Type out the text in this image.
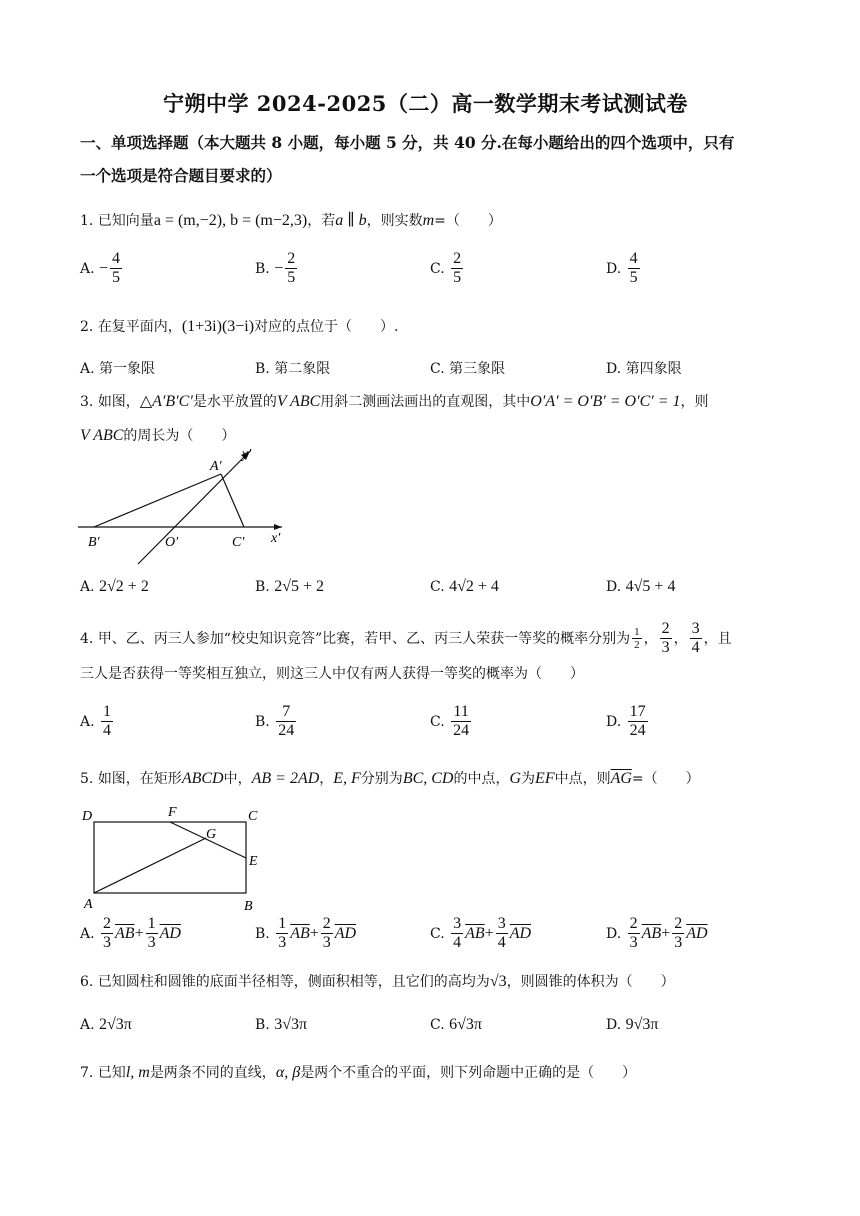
宁朔中学 2024-2025（二）高一数学期末考试测试卷
一、单项选择题（本大题共 8 小题，每小题 5 分，共 40 分.在每小题给出的四个选项中，只有
一个选项是符合题目要求的）
1. 已知向量a = (m,−2), b = (m−2,3)，若a ∥ b，则实数m=（　　）
A. − $\frac{4}{5}$	B. − $\frac{2}{5}$	C. $\frac{2}{5}$	D. $\frac{4}{5}$
2. 在复平面内，(1+3i)(3−i)对应的点位于（　　）.
A. 第一象限	B. 第二象限	C. 第三象限	D. 第四象限
3. 如图，△A′B′C′是水平放置的V ABC用斜二测画法画出的直观图，其中O′A′ = O′B′ = O′C′ = 1，则
V ABC的周长为（　　）
A′
B′	C′
O′	x′
y′
A. 2√2 + 2	B. 2√5 + 2	C. 4√2 + 4	D. 4√5 + 4
4. 甲、乙、丙三人参加“校史知识竞答”比赛，若甲、乙、丙三人荣获一等奖的概率分别为 $\frac{1}{2}$ ， $\frac{2}{3}$ ， $\frac{3}{4}$ ，且
三人是否获得一等奖相互独立，则这三人中仅有两人获得一等奖的概率为（　　）
A. $\frac{1}{4}$	B. $\frac{7}{24}$	C. $\frac{11}{24}$	D. $\frac{17}{24}$
5. 如图，在矩形ABCD中，AB = 2AD，E, F分别为BC, CD的中点，G为EF中点，则$\overline{AG}=$（　　）
D	C
F
G
E
A	B
A. $\frac{2}{3} \overline{AB}+ \frac{1}{3} \overline{AD}$	B. $\frac{1}{3} \overline{AB}+ \frac{2}{3} \overline{AD}$	C. $\frac{3}{4} \overline{AB}+ \frac{3}{4} \overline{AD}$	D. $\frac{2}{3} \overline{AB}+ \frac{2}{3} \overline{AD}$
6. 已知圆柱和圆锥的底面半径相等，侧面积相等，且它们的高均为√3，则圆锥的体积为（　　）
A. 2√3π	B. 3√3π	C. 6√3π	D. 9√3π
7. 已知l, m是两条不同的直线，α, β是两个不重合的平面，则下列命题中正确的是（　　）
